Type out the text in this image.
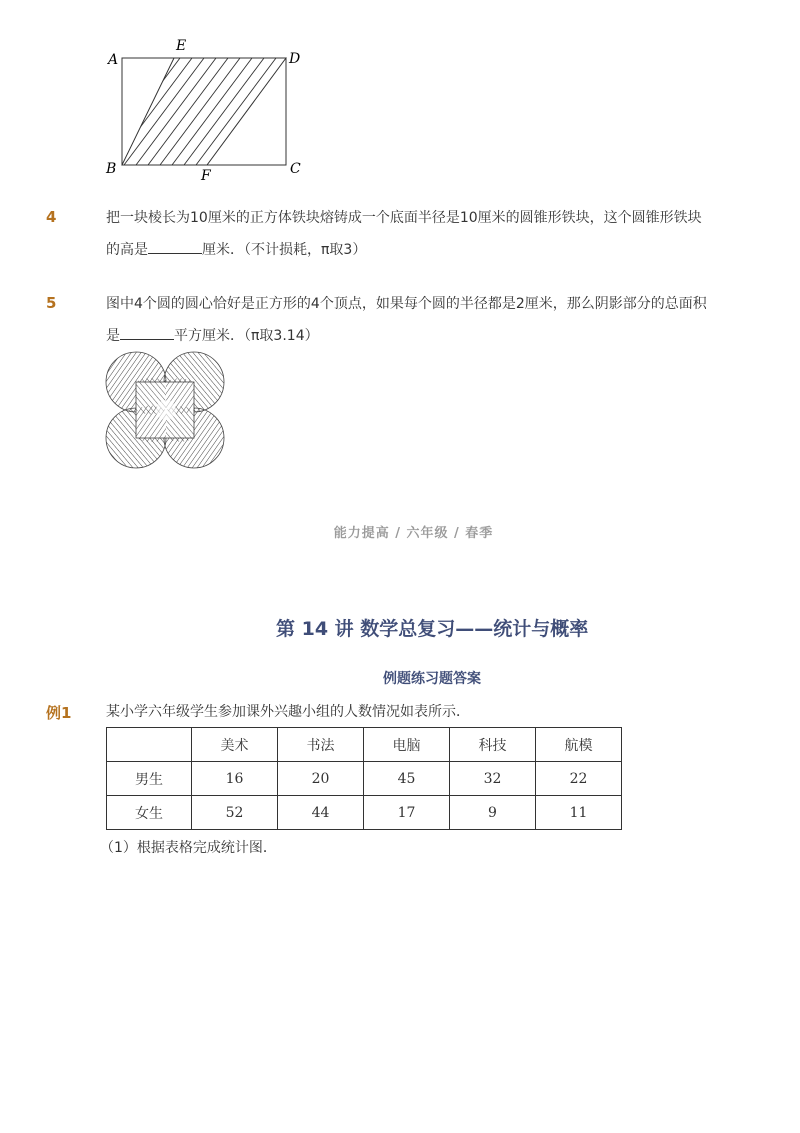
A
E
D
B	F	C
4	把一块棱长为10厘米的正方体铁块熔铸成一个底面半径是10厘米的圆锥形铁块，这个圆锥形铁块
的高是	厘米．（不计损耗，π取3）
5	图中4个圆的圆心恰好是正方形的4个顶点，如果每个圆的半径都是2厘米，那么阴影部分的总面积
是	平方厘米．（π取3.14）
能力提高 / 六年级 / 春季
第 14 讲 数学总复习——统计与概率
例题练习题答案
例1 某小学六年级学生参加课外兴趣小组的人数情况如表所示．
	美术	书法	电脑	科技	航模
男生	16	20	45	32	22
女生	52	44	17	9	11
（1）根据表格完成统计图．
